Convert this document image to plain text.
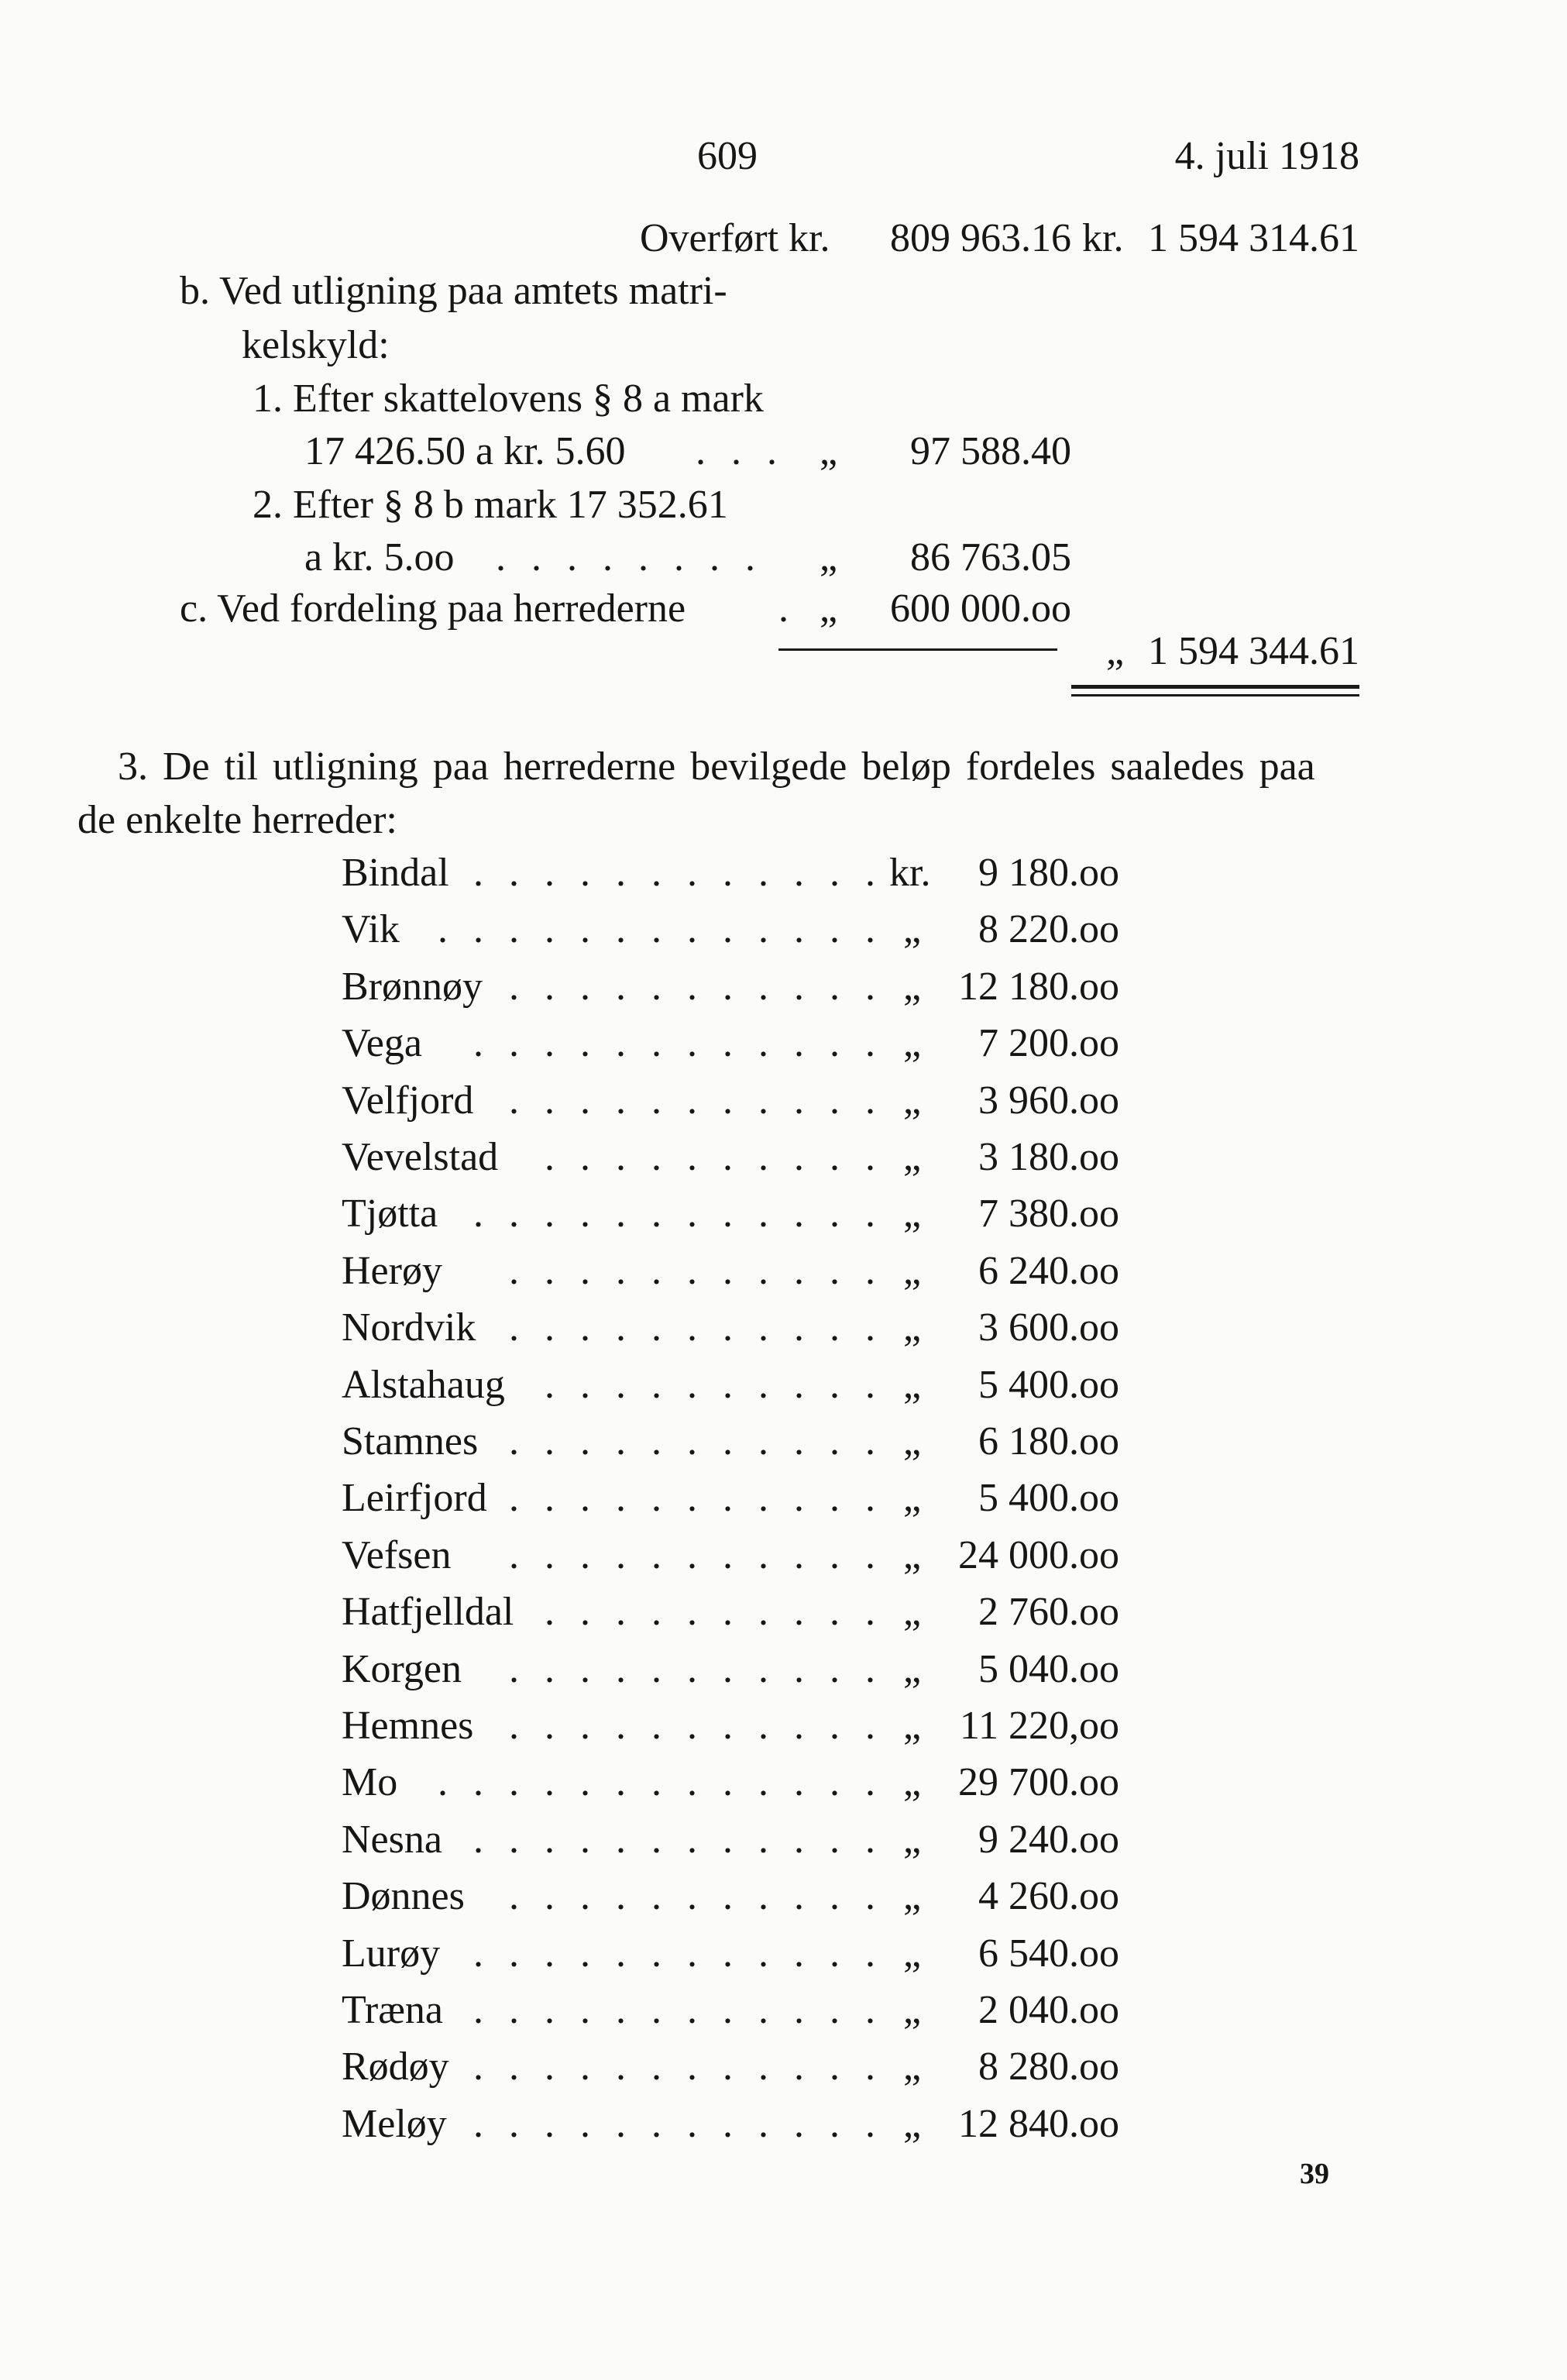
609	4. juli 1918
Overført kr. 809 963.16 kr. 1 594 314.61
b. Ved utligning paa amtets matri-
kelskyld:
1. Efter skattelovens § 8 a mark
17 426.50 a kr. 5.60 . . . „ 97 588.40
2. Efter § 8 b mark 17 352.61
a kr. 5.oo . . . . . . . . „ 86 763.05
c. Ved fordeling paa herrederne . „ 600 000.oo
„ 1 594 344.61
3. De til utligning paa herrederne bevilgede beløp fordeles saaledes paa
de enkelte herreder:
Bindal . . . . . . . . . . . . kr. 9 180.oo
Vik . . . . . . . . . . . . . „ 8 220.oo
Brønnøy . . . . . . . . . . . „ 12 180.oo
Vega . . . . . . . . . . . . „ 7 200.oo
Velfjord . . . . . . . . . . . „ 3 960.oo
Vevelstad . . . . . . . . . . „ 3 180.oo
Tjøtta . . . . . . . . . . . . „ 7 380.oo
Herøy . . . . . . . . . . . „ 6 240.oo
Nordvik . . . . . . . . . . . „ 3 600.oo
Alstahaug . . . . . . . . . . „ 5 400.oo
Stamnes . . . . . . . . . . . „ 6 180.oo
Leirfjord . . . . . . . . . . . „ 5 400.oo
Vefsen . . . . . . . . . . . „ 24 000.oo
Hatfjelldal . . . . . . . . . . „ 2 760.oo
Korgen . . . . . . . . . . . „ 5 040.oo
Hemnes . . . . . . . . . . . „ 11 220,oo
Mo . . . . . . . . . . . . . „ 29 700.oo
Nesna . . . . . . . . . . . . „ 9 240.oo
Dønnes . . . . . . . . . . . „ 4 260.oo
Lurøy . . . . . . . . . . . . „ 6 540.oo
Træna . . . . . . . . . . . . „ 2 040.oo
Rødøy . . . . . . . . . . . . „ 8 280.oo
Meløy . . . . . . . . . . . . „ 12 840.oo
39
